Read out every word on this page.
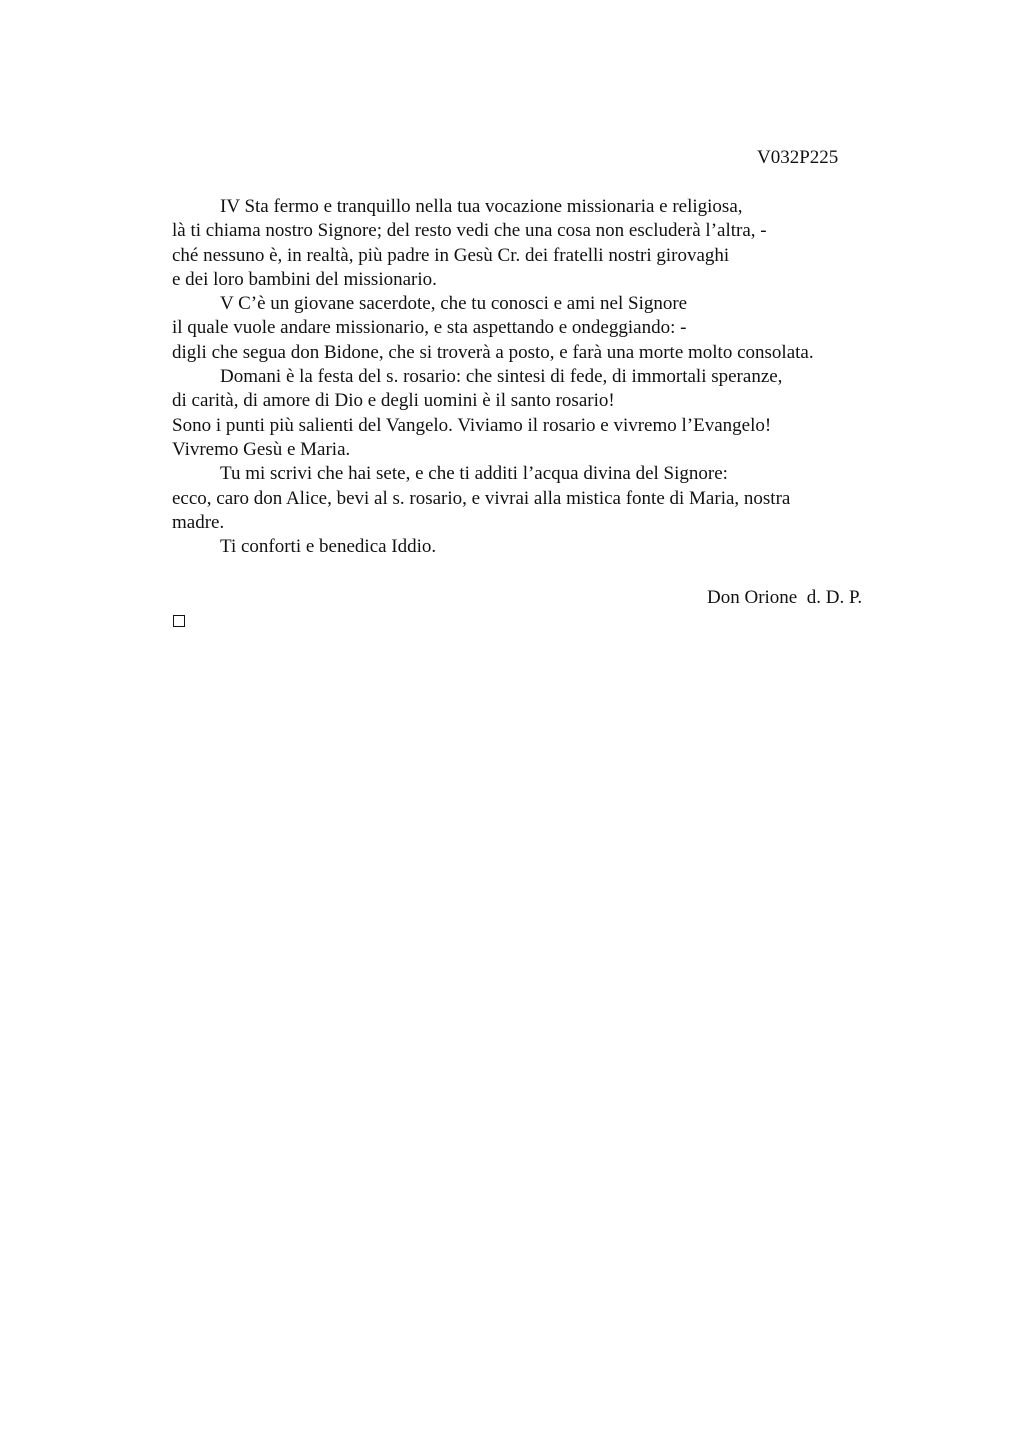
V032P225
IV Sta fermo e tranquillo nella tua vocazione missionaria e religiosa,
là ti chiama nostro Signore; del resto vedi che una cosa non escluderà l’altra, -
ché nessuno è, in realtà, più padre in Gesù Cr. dei fratelli nostri girovaghi
e dei loro bambini del missionario.
V C’è un giovane sacerdote, che tu conosci e ami nel Signore
il quale vuole andare missionario, e sta aspettando e ondeggiando: -
digli che segua don Bidone, che si troverà a posto, e farà una morte molto consolata.
Domani è la festa del s. rosario: che sintesi di fede, di immortali speranze,
di carità, di amore di Dio e degli uomini è il santo rosario!
Sono i punti più salienti del Vangelo. Viviamo il rosario e vivremo l’Evangelo!
Vivremo Gesù e Maria.
Tu mi scrivi che hai sete, e che ti additi l’acqua divina del Signore:
ecco, caro don Alice, bevi al s. rosario, e vivrai alla mistica fonte di Maria, nostra
madre.
Ti conforti e benedica Iddio.
Don Orione  d. D. P.
